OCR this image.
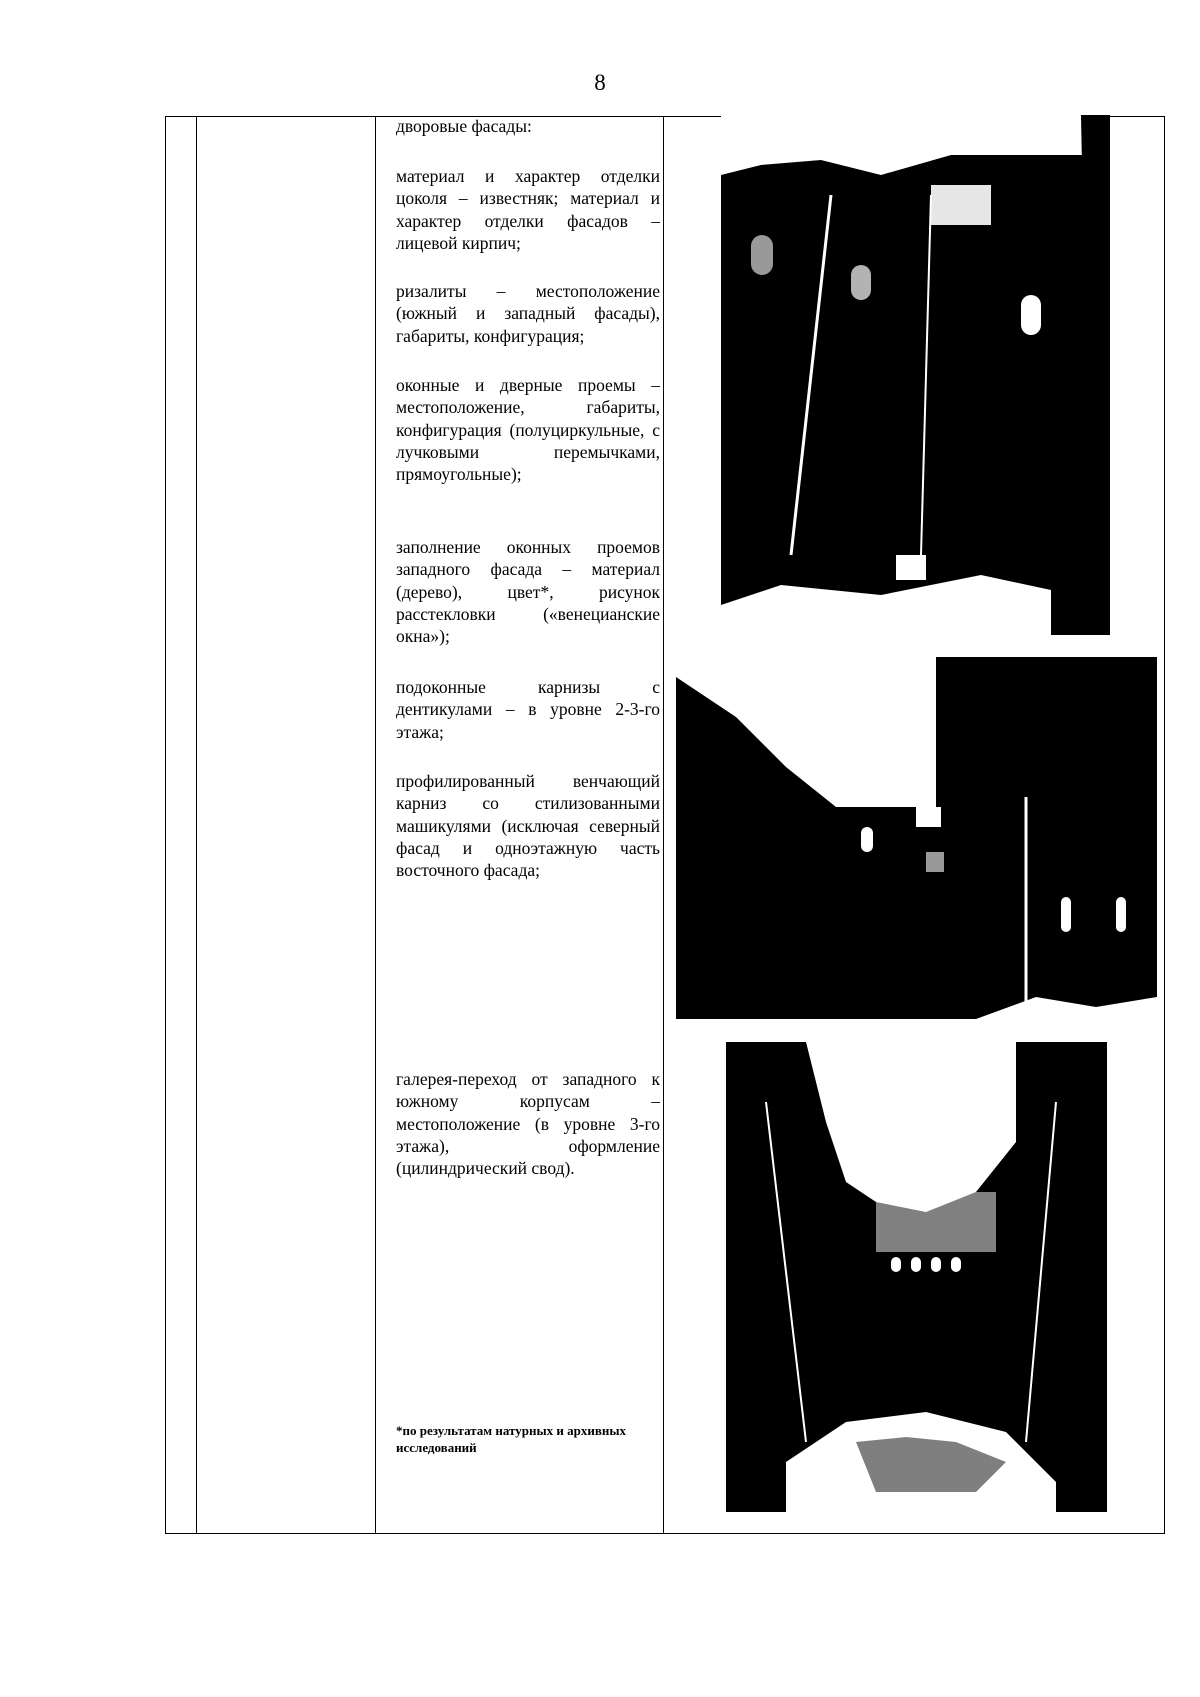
8

дворовые фасады:

материал и характер отделки цоколя – известняк; материал и характер отделки фасадов – лицевой кирпич;

ризалиты – местоположение (южный и западный фасады), габариты, конфигурация;

оконные и дверные проемы – местоположение, габариты, конфигурация (полуциркульные, с лучковыми перемычками, прямоугольные);

заполнение оконных проемов западного фасада – материал (дерево), цвет*, рисунок расстекловки («венецианские окна»);

подоконные карнизы с дентикулами – в уровне 2-3-го этажа;

профилированный венчающий карниз со стилизованными машикулями (исключая северный фасад и одноэтажную часть восточного фасада;

галерея-переход от западного к южному корпусам – местоположение (в уровне 3-го этажа), оформление (цилиндрический свод).

*по результатам натурных и архивных исследований
